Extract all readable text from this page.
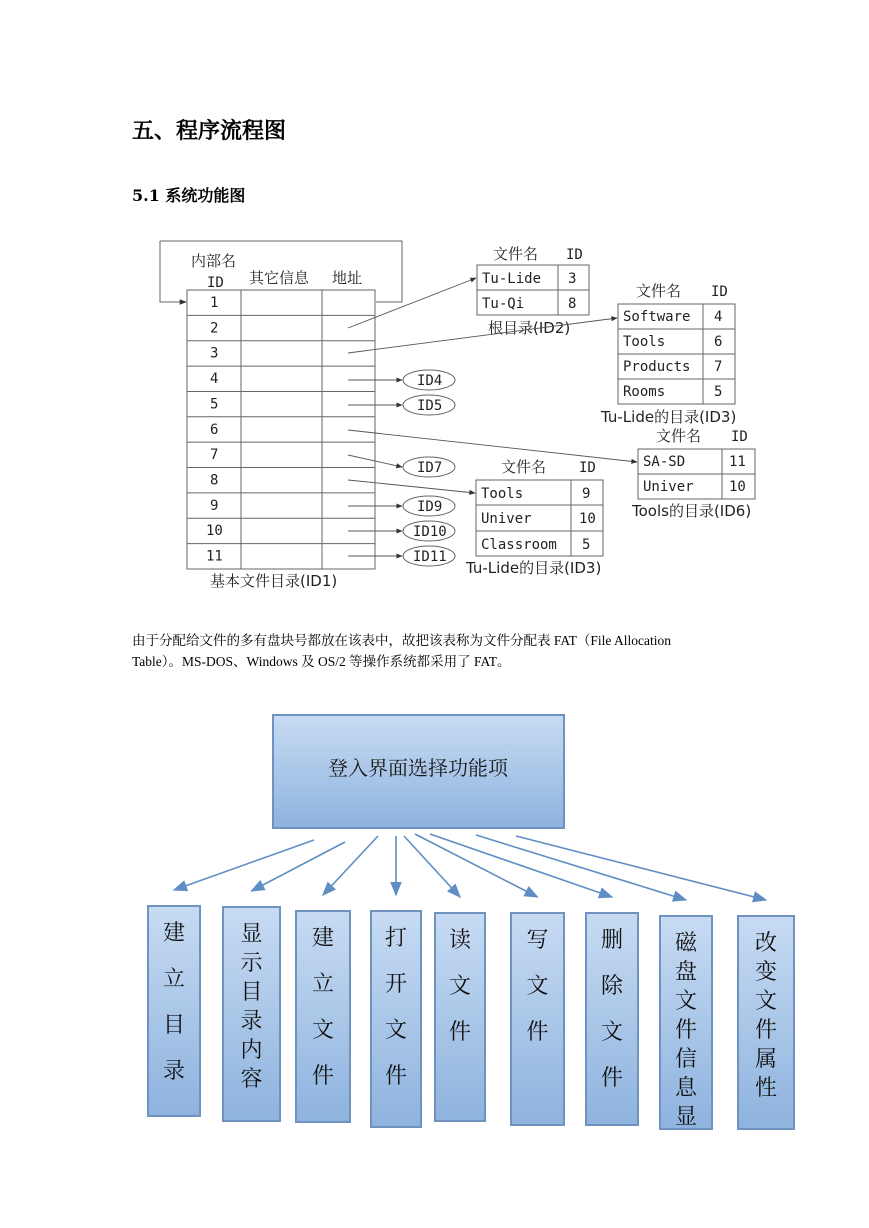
五、程序流程图
5.1 系统功能图
1
2
3
4
5
6
7
8
9
10
11
内部名
ID 其它信息 地址
基本文件目录(ID1)
文件名 ID
Tu-Lide 3
Tu-Qi	8
根目录(ID2)
文件名 ID
Software 4
Tools	6
Products 7
Rooms	5
Tu-Lide的目录(ID3)
文件名 ID
SA-SD	11
Univer	10
Tools的目录(ID6)
文件名 ID
Tools	9
Univer	10
Classroom 5
Tu-Lide的目录(ID3)
ID4
ID5
ID7
ID9
ID10
ID11
由于分配给文件的多有盘块号都放在该表中，故把该表称为文件分配表 FAT（File Allocation
Table）。MS-DOS、Windows 及 OS/2 等操作系统都采用了 FAT。
登入界面选择功能项
建
立
目
录
显
示
目
录
内
容
建
立
文
件
打
开
文
件
读
文
件
写
文
件
删
除
文
件
磁
盘
文
件
信
息
显
改
变
文
件
属
性
